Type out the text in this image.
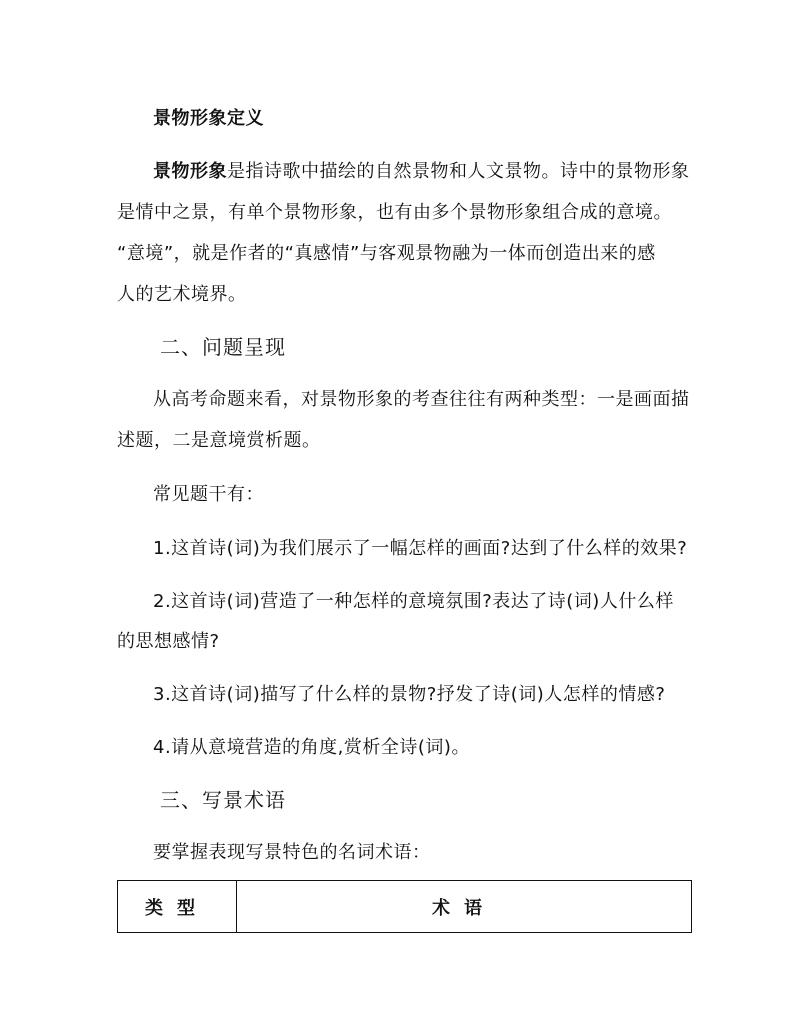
景物形象定义
景物形象是指诗歌中描绘的自然景物和人文景物。诗中的景物形象
是情中之景，有单个景物形象，也有由多个景物形象组合成的意境。
“意境”，就是作者的“真感情”与客观景物融为一体而创造出来的感
人的艺术境界。
二、问题呈现
从高考命题来看，对景物形象的考查往往有两种类型：一是画面描
述题，二是意境赏析题。
常见题干有：
1.这首诗(词)为我们展示了一幅怎样的画面?达到了什么样的效果?
2.这首诗(词)营造了一种怎样的意境氛围?表达了诗(词)人什么样
的思想感情?
3.这首诗(词)描写了什么样的景物?抒发了诗(词)人怎样的情感?
4.请从意境营造的角度,赏析全诗(词)。
三、写景术语
要掌握表现写景特色的名词术语：
类型	术语
